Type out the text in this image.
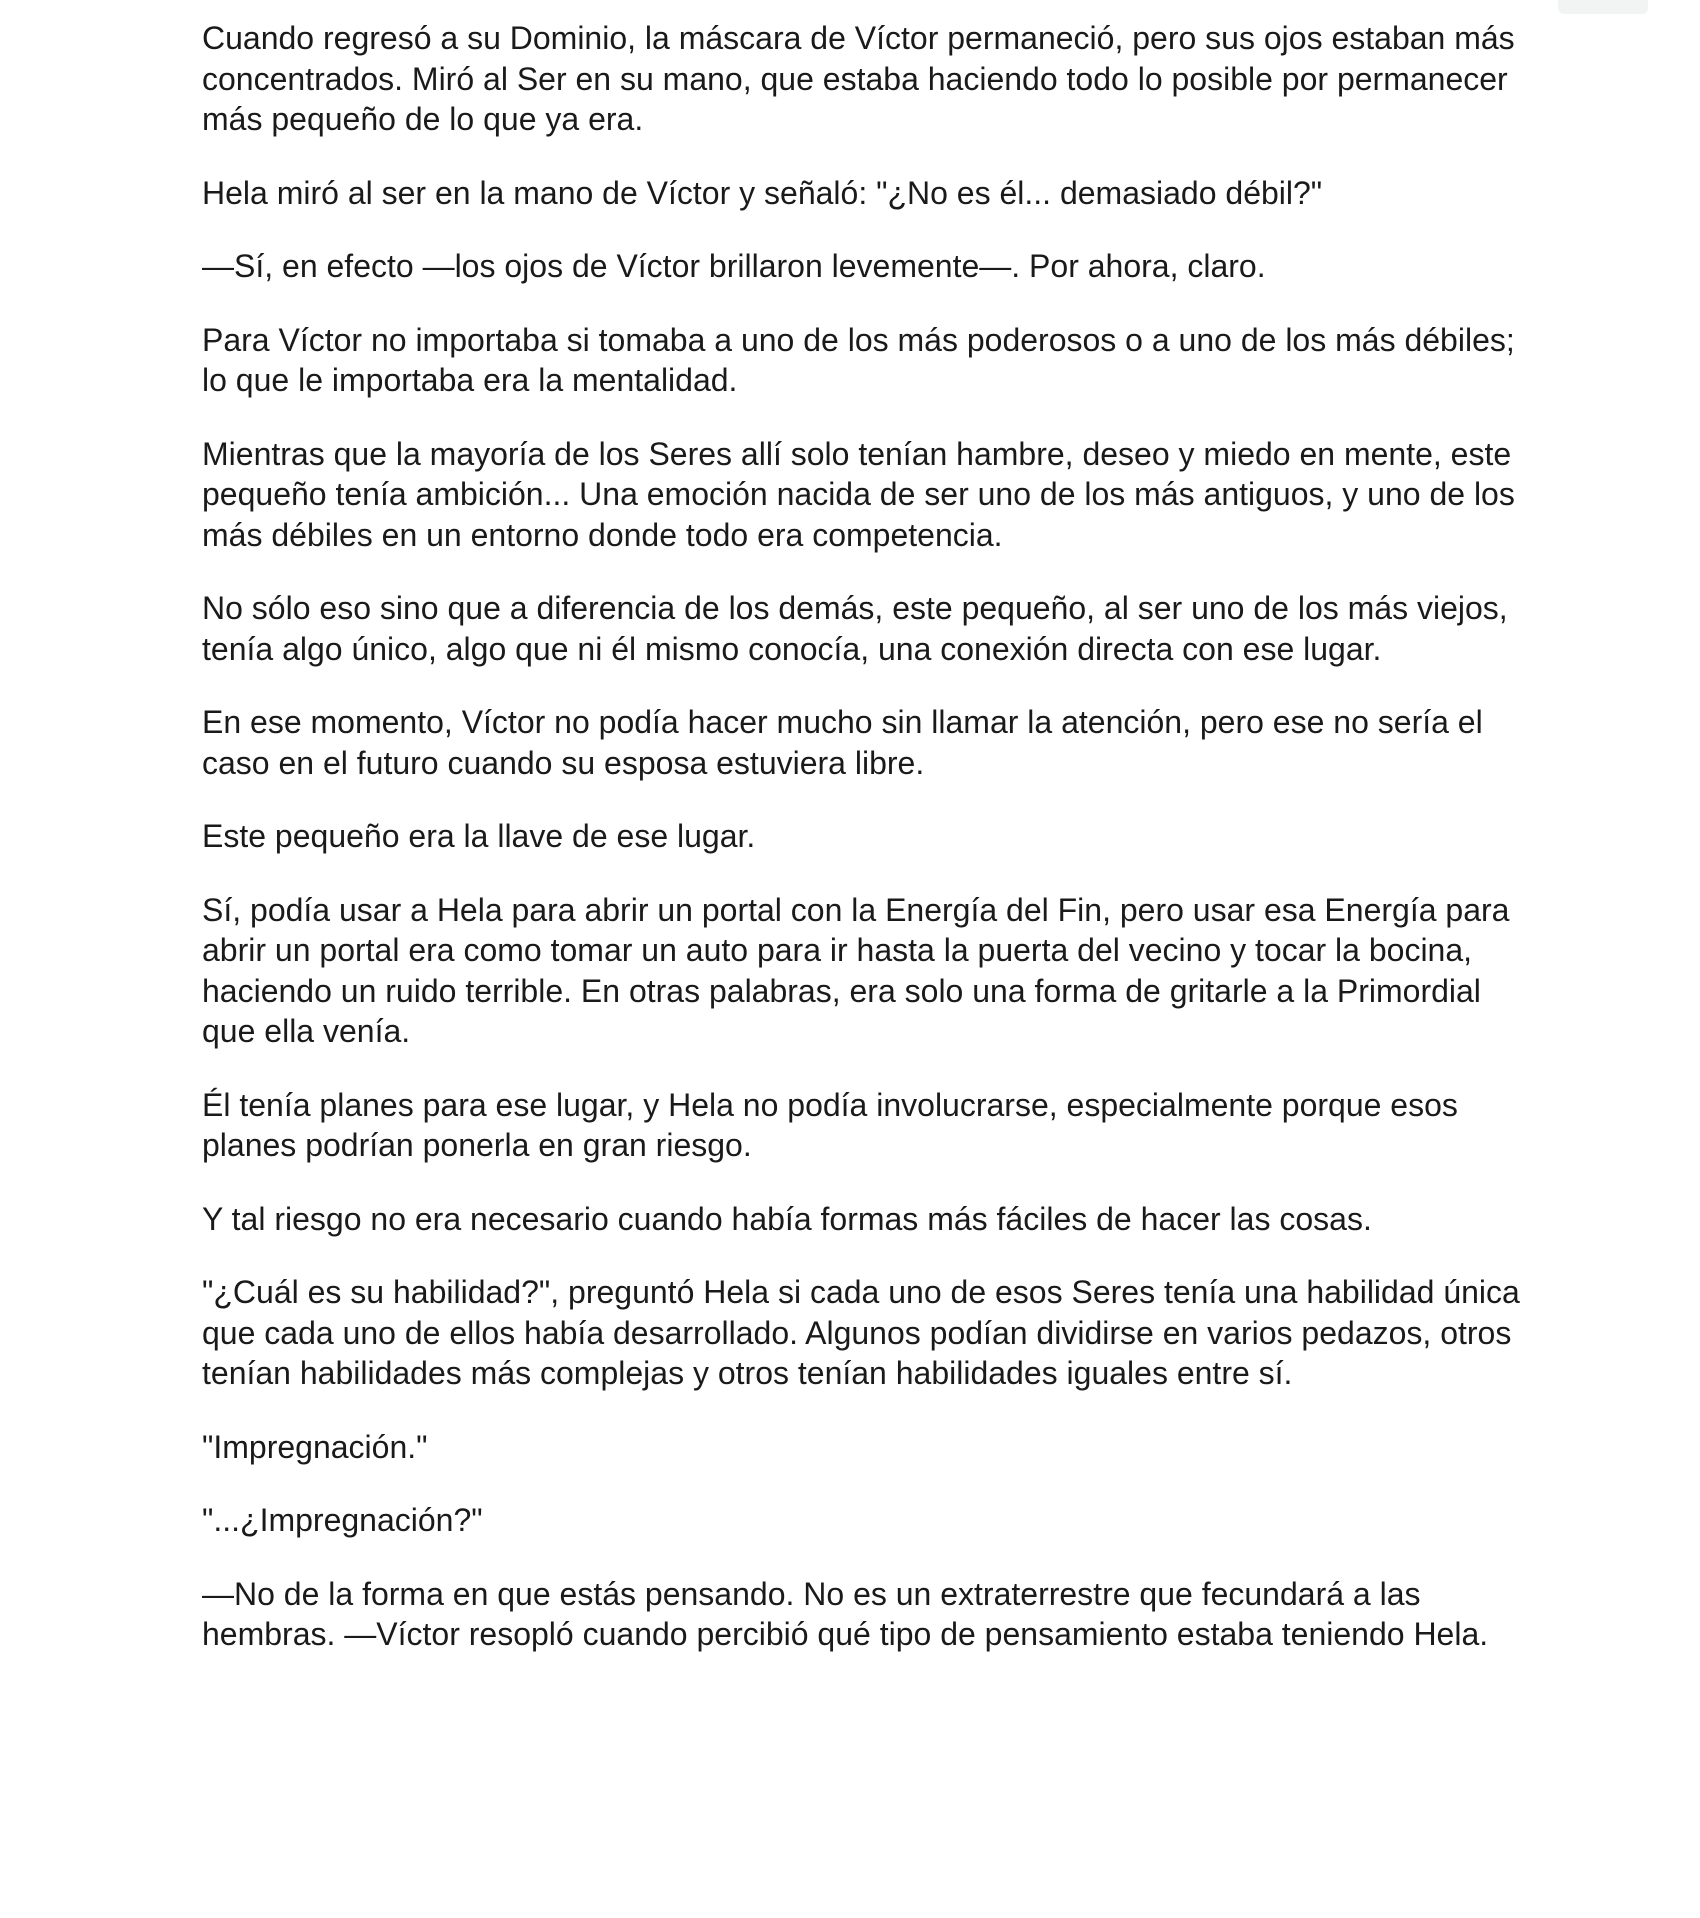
Cuando regresó a su Dominio, la máscara de Víctor permaneció, pero sus ojos estaban más concentrados. Miró al Ser en su mano, que estaba haciendo todo lo posible por permanecer más pequeño de lo que ya era.

Hela miró al ser en la mano de Víctor y señaló: "¿No es él... demasiado débil?"

—Sí, en efecto —los ojos de Víctor brillaron levemente—. Por ahora, claro.

Para Víctor no importaba si tomaba a uno de los más poderosos o a uno de los más débiles; lo que le importaba era la mentalidad.

Mientras que la mayoría de los Seres allí solo tenían hambre, deseo y miedo en mente, este pequeño tenía ambición... Una emoción nacida de ser uno de los más antiguos, y uno de los más débiles en un entorno donde todo era competencia.

No sólo eso sino que a diferencia de los demás, este pequeño, al ser uno de los más viejos, tenía algo único, algo que ni él mismo conocía, una conexión directa con ese lugar.

En ese momento, Víctor no podía hacer mucho sin llamar la atención, pero ese no sería el caso en el futuro cuando su esposa estuviera libre.

Este pequeño era la llave de ese lugar.

Sí, podía usar a Hela para abrir un portal con la Energía del Fin, pero usar esa Energía para abrir un portal era como tomar un auto para ir hasta la puerta del vecino y tocar la bocina, haciendo un ruido terrible. En otras palabras, era solo una forma de gritarle a la Primordial que ella venía.

Él tenía planes para ese lugar, y Hela no podía involucrarse, especialmente porque esos planes podrían ponerla en gran riesgo.

Y tal riesgo no era necesario cuando había formas más fáciles de hacer las cosas.

"¿Cuál es su habilidad?", preguntó Hela si cada uno de esos Seres tenía una habilidad única que cada uno de ellos había desarrollado. Algunos podían dividirse en varios pedazos, otros tenían habilidades más complejas y otros tenían habilidades iguales entre sí.

"Impregnación."

"...¿Impregnación?"

—No de la forma en que estás pensando. No es un extraterrestre que fecundará a las hembras. —Víctor resopló cuando percibió qué tipo de pensamiento estaba teniendo Hela.
